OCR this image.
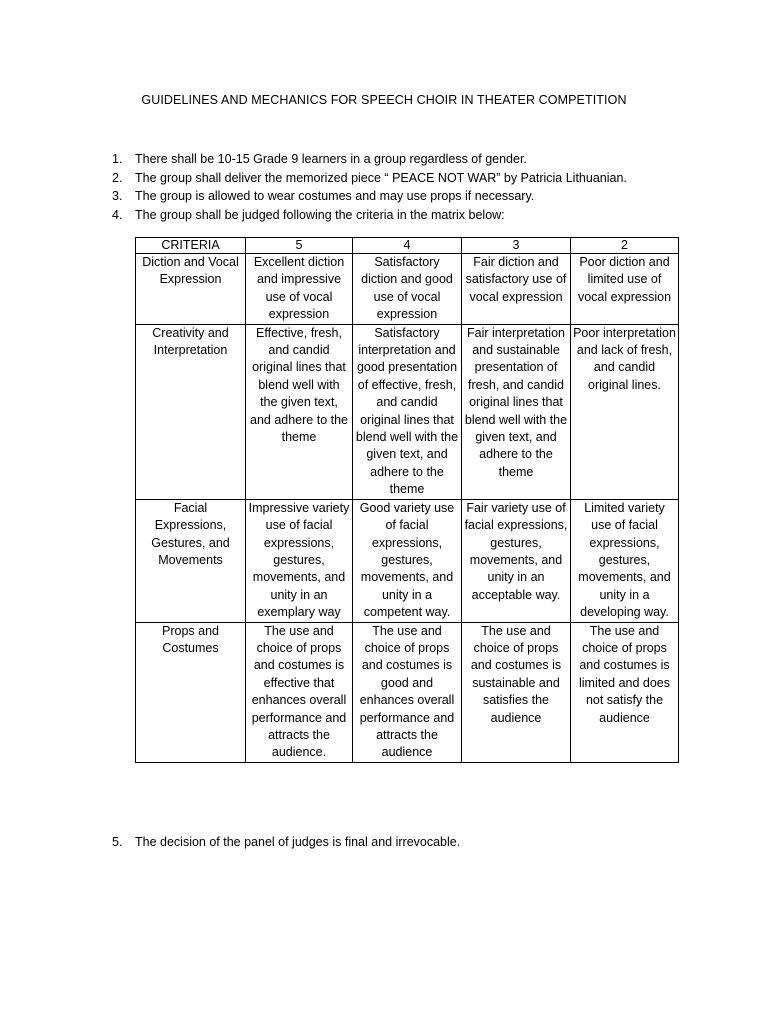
GUIDELINES AND MECHANICS FOR SPEECH CHOIR IN THEATER COMPETITION
1.	There shall be 10-15 Grade 9 learners in a group regardless of gender.
2.	The group shall deliver the memorized piece “ PEACE NOT WAR” by Patricia Lithuanian.
3.	The group is allowed to wear costumes and may use props if necessary.
4.	The group shall be judged following the criteria in the matrix below:
CRITERIA	5	4	3	2
Diction and Vocal Expression	Excellent diction and impressive use of vocal expression	Satisfactory diction and good use of vocal expression	Fair diction and satisfactory use of vocal expression	Poor diction and limited use of vocal expression
Creativity and Interpretation	Effective, fresh, and candid original lines that blend well with the given text, and adhere to the theme	Satisfactory interpretation and good presentation of effective, fresh, and candid original lines that blend well with the given text, and adhere to the theme	Fair interpretation and sustainable presentation of fresh, and candid original lines that blend well with the given text, and adhere to the theme	Poor interpretation and lack of fresh, and candid original lines.
Facial Expressions, Gestures, and Movements	Impressive variety use of facial expressions, gestures, movements, and unity in an exemplary way	Good variety use of facial expressions, gestures, movements, and unity in a competent way.	Fair variety use of facial expressions, gestures, movements, and unity in an acceptable way.	Limited variety use of facial expressions, gestures, movements, and unity in a developing way.
Props and Costumes	The use and choice of props and costumes is effective that enhances overall performance and attracts the audience.	The use and choice of props and costumes is good and enhances overall performance and attracts the audience	The use and choice of props and costumes is sustainable and satisfies the audience	The use and choice of props and costumes is limited and does not satisfy the audience
5.	The decision of the panel of judges is final and irrevocable.
